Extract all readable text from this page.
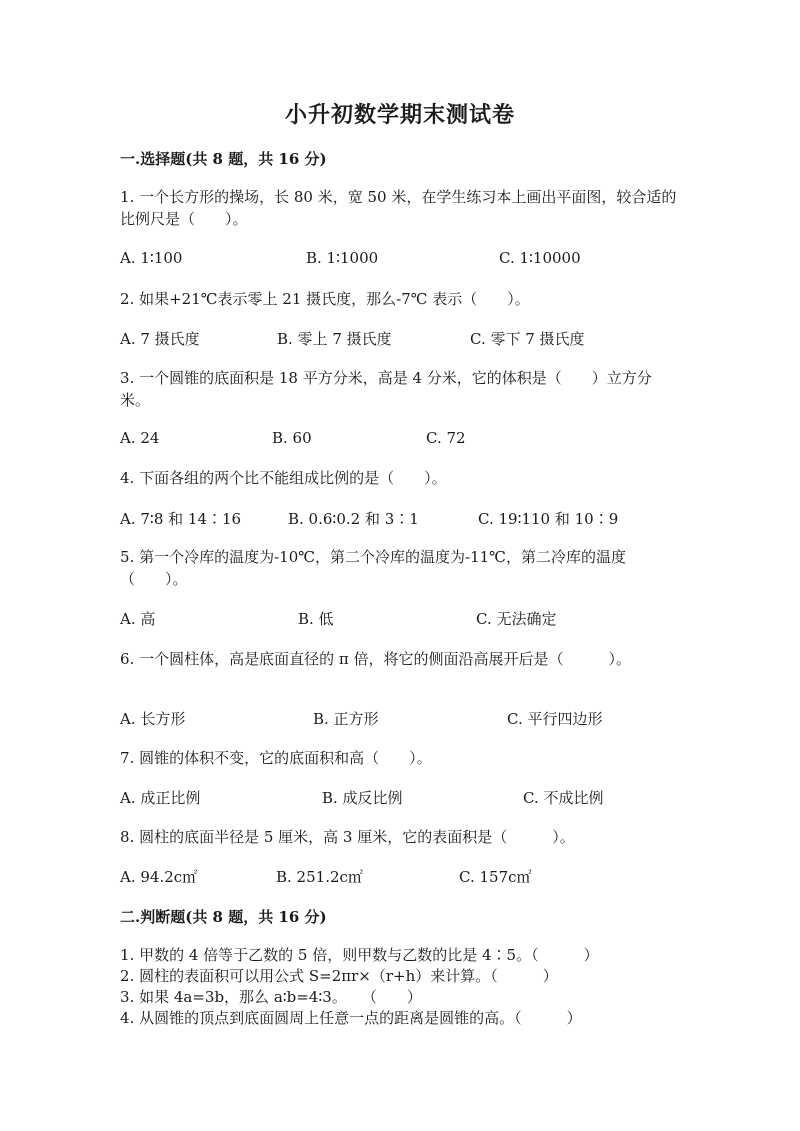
小升初数学期末测试卷
一.选择题(共 8 题，共 16 分)
1. 一个长方形的操场，长 80 米，宽 50 米，在学生练习本上画出平面图，较合适的比例尺是（　　）。
A. 1∶100	B. 1∶1000	C. 1∶10000
2. 如果+21℃表示零上 21 摄氏度，那么-7℃ 表示（　　）。
A. 7 摄氏度	B. 零上 7 摄氏度	C. 零下 7 摄氏度
3. 一个圆锥的底面积是 18 平方分米，高是 4 分米，它的体积是（　　）立方分米。
A. 24	B. 60	C. 72
4. 下面各组的两个比不能组成比例的是（　　）。
A. 7∶8 和 14∶16	B. 0.6∶0.2 和 3∶1	C. 19∶110 和 10∶9
5. 第一个冷库的温度为-10℃，第二个冷库的温度为-11℃，第二冷库的温度（　　）。
A. 高	B. 低	C. 无法确定
6. 一个圆柱体，高是底面直径的 π 倍，将它的侧面沿高展开后是（　　　）。
A. 长方形	B. 正方形	C. 平行四边形
7. 圆锥的体积不变，它的底面积和高（　　）。
A. 成正比例	B. 成反比例	C. 不成比例
8. 圆柱的底面半径是 5 厘米，高 3 厘米，它的表面积是（　　　）。
A. 94.2c㎡	B. 251.2c㎡	C. 157c㎡
二.判断题(共 8 题，共 16 分)
1. 甲数的 4 倍等于乙数的 5 倍，则甲数与乙数的比是 4∶5。（　　　）
2. 圆柱的表面积可以用公式 S=2πr×（r+h）来计算。（　　　）
3. 如果 4a=3b，那么 a∶b=4∶3。　　（　　）
4. 从圆锥的顶点到底面圆周上任意一点的距离是圆锥的高。（　　　）
